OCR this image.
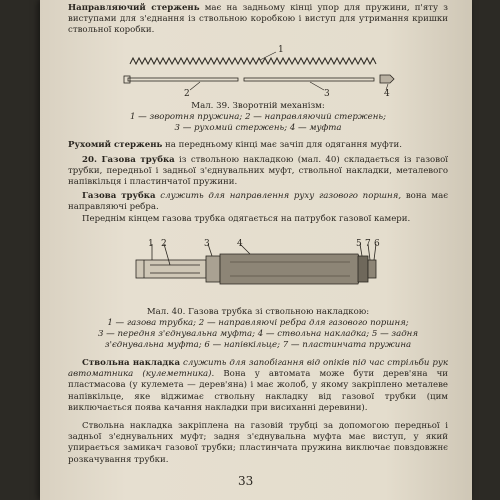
Направляючий стержень має на задньому кінці упор для пружини, п'яту з виступами для з'єднання із ствольною коробкою і виступ для утримання кришки ствольної коробки.

1
2	3	4

Мал. 39. Зворотній механізм:

1 — зворотня пружина; 2 — направляючий стержень;

3 — рухомий стержень; 4 — муфта

Рухомий стержень на передньому кінці має зачіп для одягання муфти.

20. Газова трубка із ствольною накладкою (мал. 40) складається із газової трубки, передньої і задньої з'єднувальних муфт, ствольної накладки, металевого напівкільця і пластинчатої пружини.

Газова трубка служить для направлення руху газового поршня, вона має направляючі ребра.

Переднім кінцем газова трубка одягається на патрубок газової камери.

1 2	3	4	5 7 6

Мал. 40. Газова трубка зі ствольною накладкою:

1 — газова трубка; 2 — направляючі ребра для газового поршня;

3 — передня з'єднувальна муфта; 4 — ствольна накладка; 5 — задня

з'єднувальна муфта; 6 — напівкільце; 7 — пластинчата пружина

Ствольна накладка служить для запобігання від опіків під час стрільби рук автоматника (кулеметника). Вона у автомата може бути дерев'яна чи пластмасова (у кулемета — дерев'яна) і має жолоб, у якому закріплено металеве напівкільце, яке віджимає ствольну накладку від газової трубки (цим виключається поява качання накладки при висиханні деревини).

Ствольна накладка закріплена на газовій трубці за допомогою передньої і задньої з'єднувальних муфт; задня з'єднувальна муфта має виступ, у який упирається замикач газової трубки; пластинчата пружина виключає повздовжнє розкачування трубки.

33
